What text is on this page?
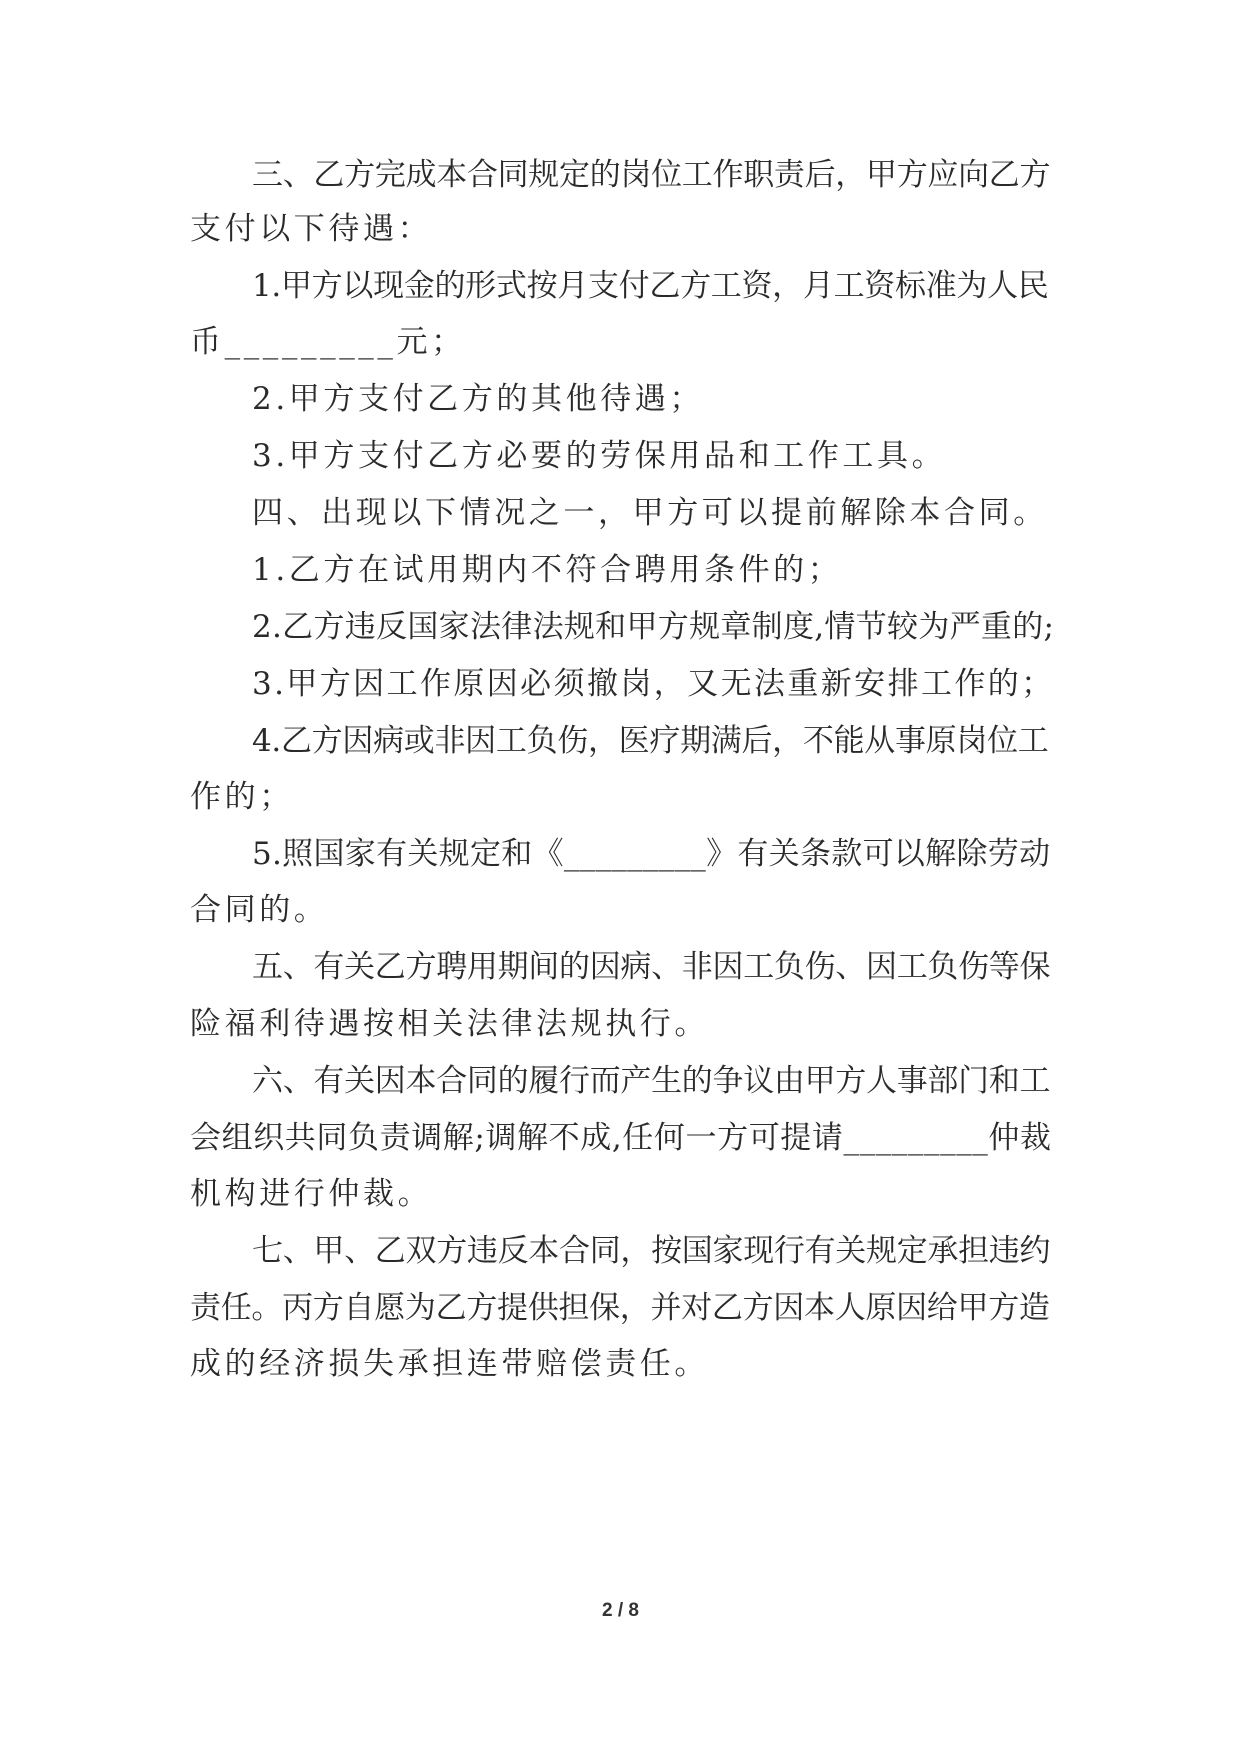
三、乙方完成本合同规定的岗位工作职责后，甲方应向乙方

支付以下待遇：

1.甲方以现金的形式按月支付乙方工资，月工资标准为人民

币_________元；

2.甲方支付乙方的其他待遇；

3.甲方支付乙方必要的劳保用品和工作工具。

四、出现以下情况之一，甲方可以提前解除本合同。

1.乙方在试用期内不符合聘用条件的；

2.乙方违反国家法律法规和甲方规章制度,情节较为严重的;

3.甲方因工作原因必须撤岗，又无法重新安排工作的；

4.乙方因病或非因工负伤，医疗期满后，不能从事原岗位工

作的；

5.照国家有关规定和《_________》有关条款可以解除劳动

合同的。

五、有关乙方聘用期间的因病、非因工负伤、因工负伤等保

险福利待遇按相关法律法规执行。

六、有关因本合同的履行而产生的争议由甲方人事部门和工

会组织共同负责调解;调解不成,任何一方可提请_________仲裁

机构进行仲裁。

七、甲、乙双方违反本合同，按国家现行有关规定承担违约

责任。丙方自愿为乙方提供担保，并对乙方因本人原因给甲方造

成的经济损失承担连带赔偿责任。

2 / 8
